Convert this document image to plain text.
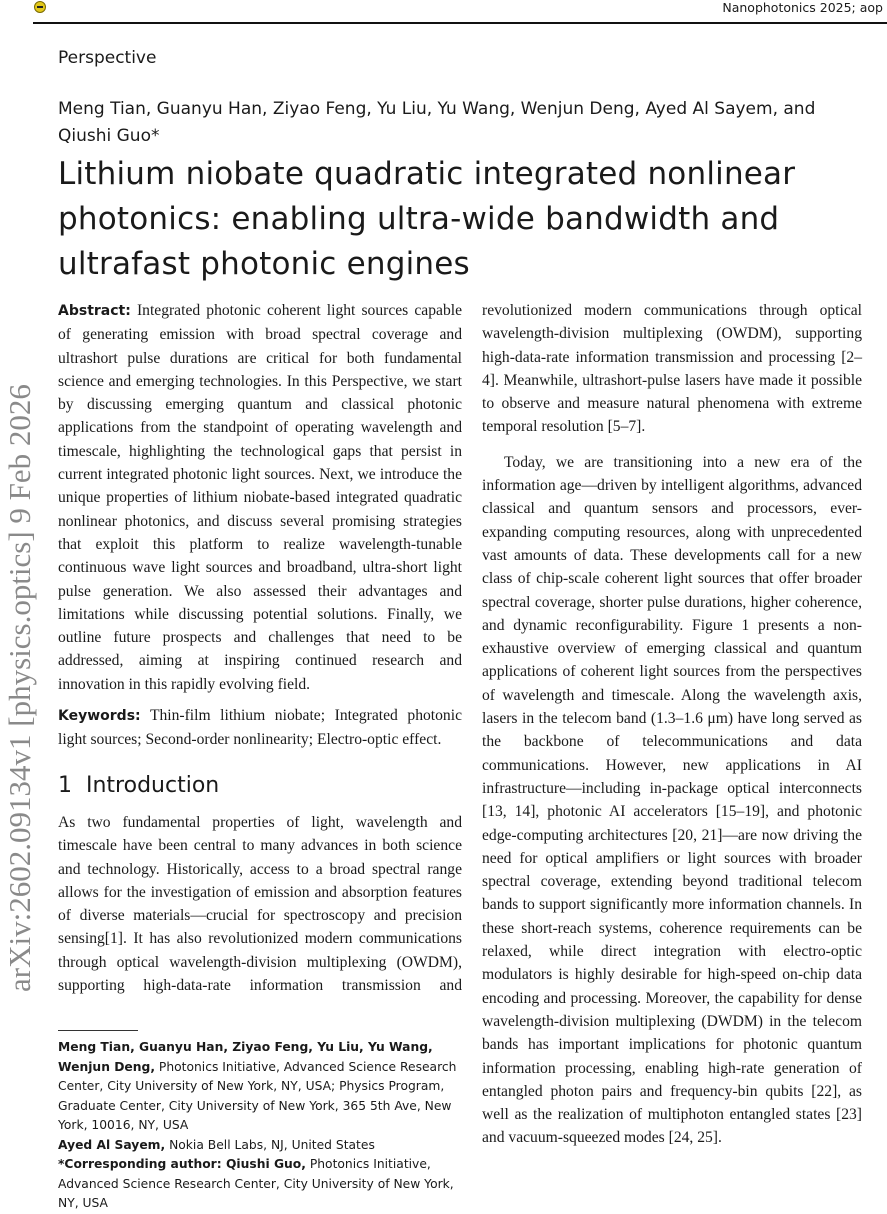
Nanophotonics 2025; aop
arXiv:2602.09134v1 [physics.optics] 9 Feb 2026
Perspective
Meng Tian, Guanyu Han, Ziyao Feng, Yu Liu, Yu Wang, Wenjun Deng, Ayed Al Sayem, and Qiushi Guo*
Lithium niobate quadratic integrated nonlinear photonics: enabling ultra-wide bandwidth and ultrafast photonic engines

Abstract: Integrated photonic coherent light sources capable of generating emission with broad spectral coverage and ultrashort pulse durations are critical for both fundamental science and emerging technologies. In this Perspective, we start by discussing emerging quantum and classical photonic applications from the standpoint of operating wavelength and timescale, highlighting the technological gaps that persist in current integrated photonic light sources. Next, we introduce the unique properties of lithium niobate-based integrated quadratic nonlinear photonics, and discuss several promising strategies that exploit this platform to realize wavelength-tunable continuous wave light sources and broadband, ultra-short light pulse generation. We also assessed their advantages and limitations while discussing potential solutions. Finally, we outline future prospects and challenges that need to be addressed, aiming at inspiring continued research and innovation in this rapidly evolving field.

Keywords: Thin-film lithium niobate; Integrated photonic light sources; Second-order nonlinearity; Electro-optic effect.

1 Introduction

As two fundamental properties of light, wavelength and timescale have been central to many advances in both science and technology. Historically, access to a broad spectral range allows for the investigation of emission and absorption features of diverse materials—crucial for spectroscopy and precision sensing[1]. It has also revolutionized modern communications through optical wavelength-division multiplexing (OWDM), supporting high-data-rate information transmission and

revolutionized modern communications through optical wavelength-division multiplexing (OWDM), supporting high-data-rate information transmission and processing [2–4]. Meanwhile, ultrashort-pulse lasers have made it possible to observe and measure natural phenomena with extreme temporal resolution [5–7].

Today, we are transitioning into a new era of the information age—driven by intelligent algorithms, advanced classical and quantum sensors and processors, ever-expanding computing resources, along with unprecedented vast amounts of data. These developments call for a new class of chip-scale coherent light sources that offer broader spectral coverage, shorter pulse durations, higher coherence, and dynamic reconfigurability. Figure 1 presents a non-exhaustive overview of emerging classical and quantum applications of coherent light sources from the perspectives of wavelength and timescale. Along the wavelength axis, lasers in the telecom band (1.3–1.6 μm) have long served as the backbone of telecommunications and data communications. However, new applications in AI infrastructure—including in-package optical interconnects [13, 14], photonic AI accelerators [15–19], and photonic edge-computing architectures [20, 21]—are now driving the need for optical amplifiers or light sources with broader spectral coverage, extending beyond traditional telecom bands to support significantly more information channels. In these short-reach systems, coherence requirements can be relaxed, while direct integration with electro-optic modulators is highly desirable for high-speed on-chip data encoding and processing. Moreover, the capability for dense wavelength-division multiplexing (DWDM) in the telecom bands has important implications for photonic quantum information processing, enabling high-rate generation of entangled photon pairs and frequency-bin qubits [22], as well as the realization of multiphoton entangled states [23] and vacuum-squeezed modes [24, 25].

Meng Tian, Guanyu Han, Ziyao Feng, Yu Liu, Yu Wang, Wenjun Deng, Photonics Initiative, Advanced Science Research Center, City University of New York, NY, USA; Physics Program, Graduate Center, City University of New York, 365 5th Ave, New York, 10016, NY, USA

Ayed Al Sayem, Nokia Bell Labs, NJ, United States

*Corresponding author: Qiushi Guo, Photonics Initiative, Advanced Science Research Center, City University of New York, NY, USA
